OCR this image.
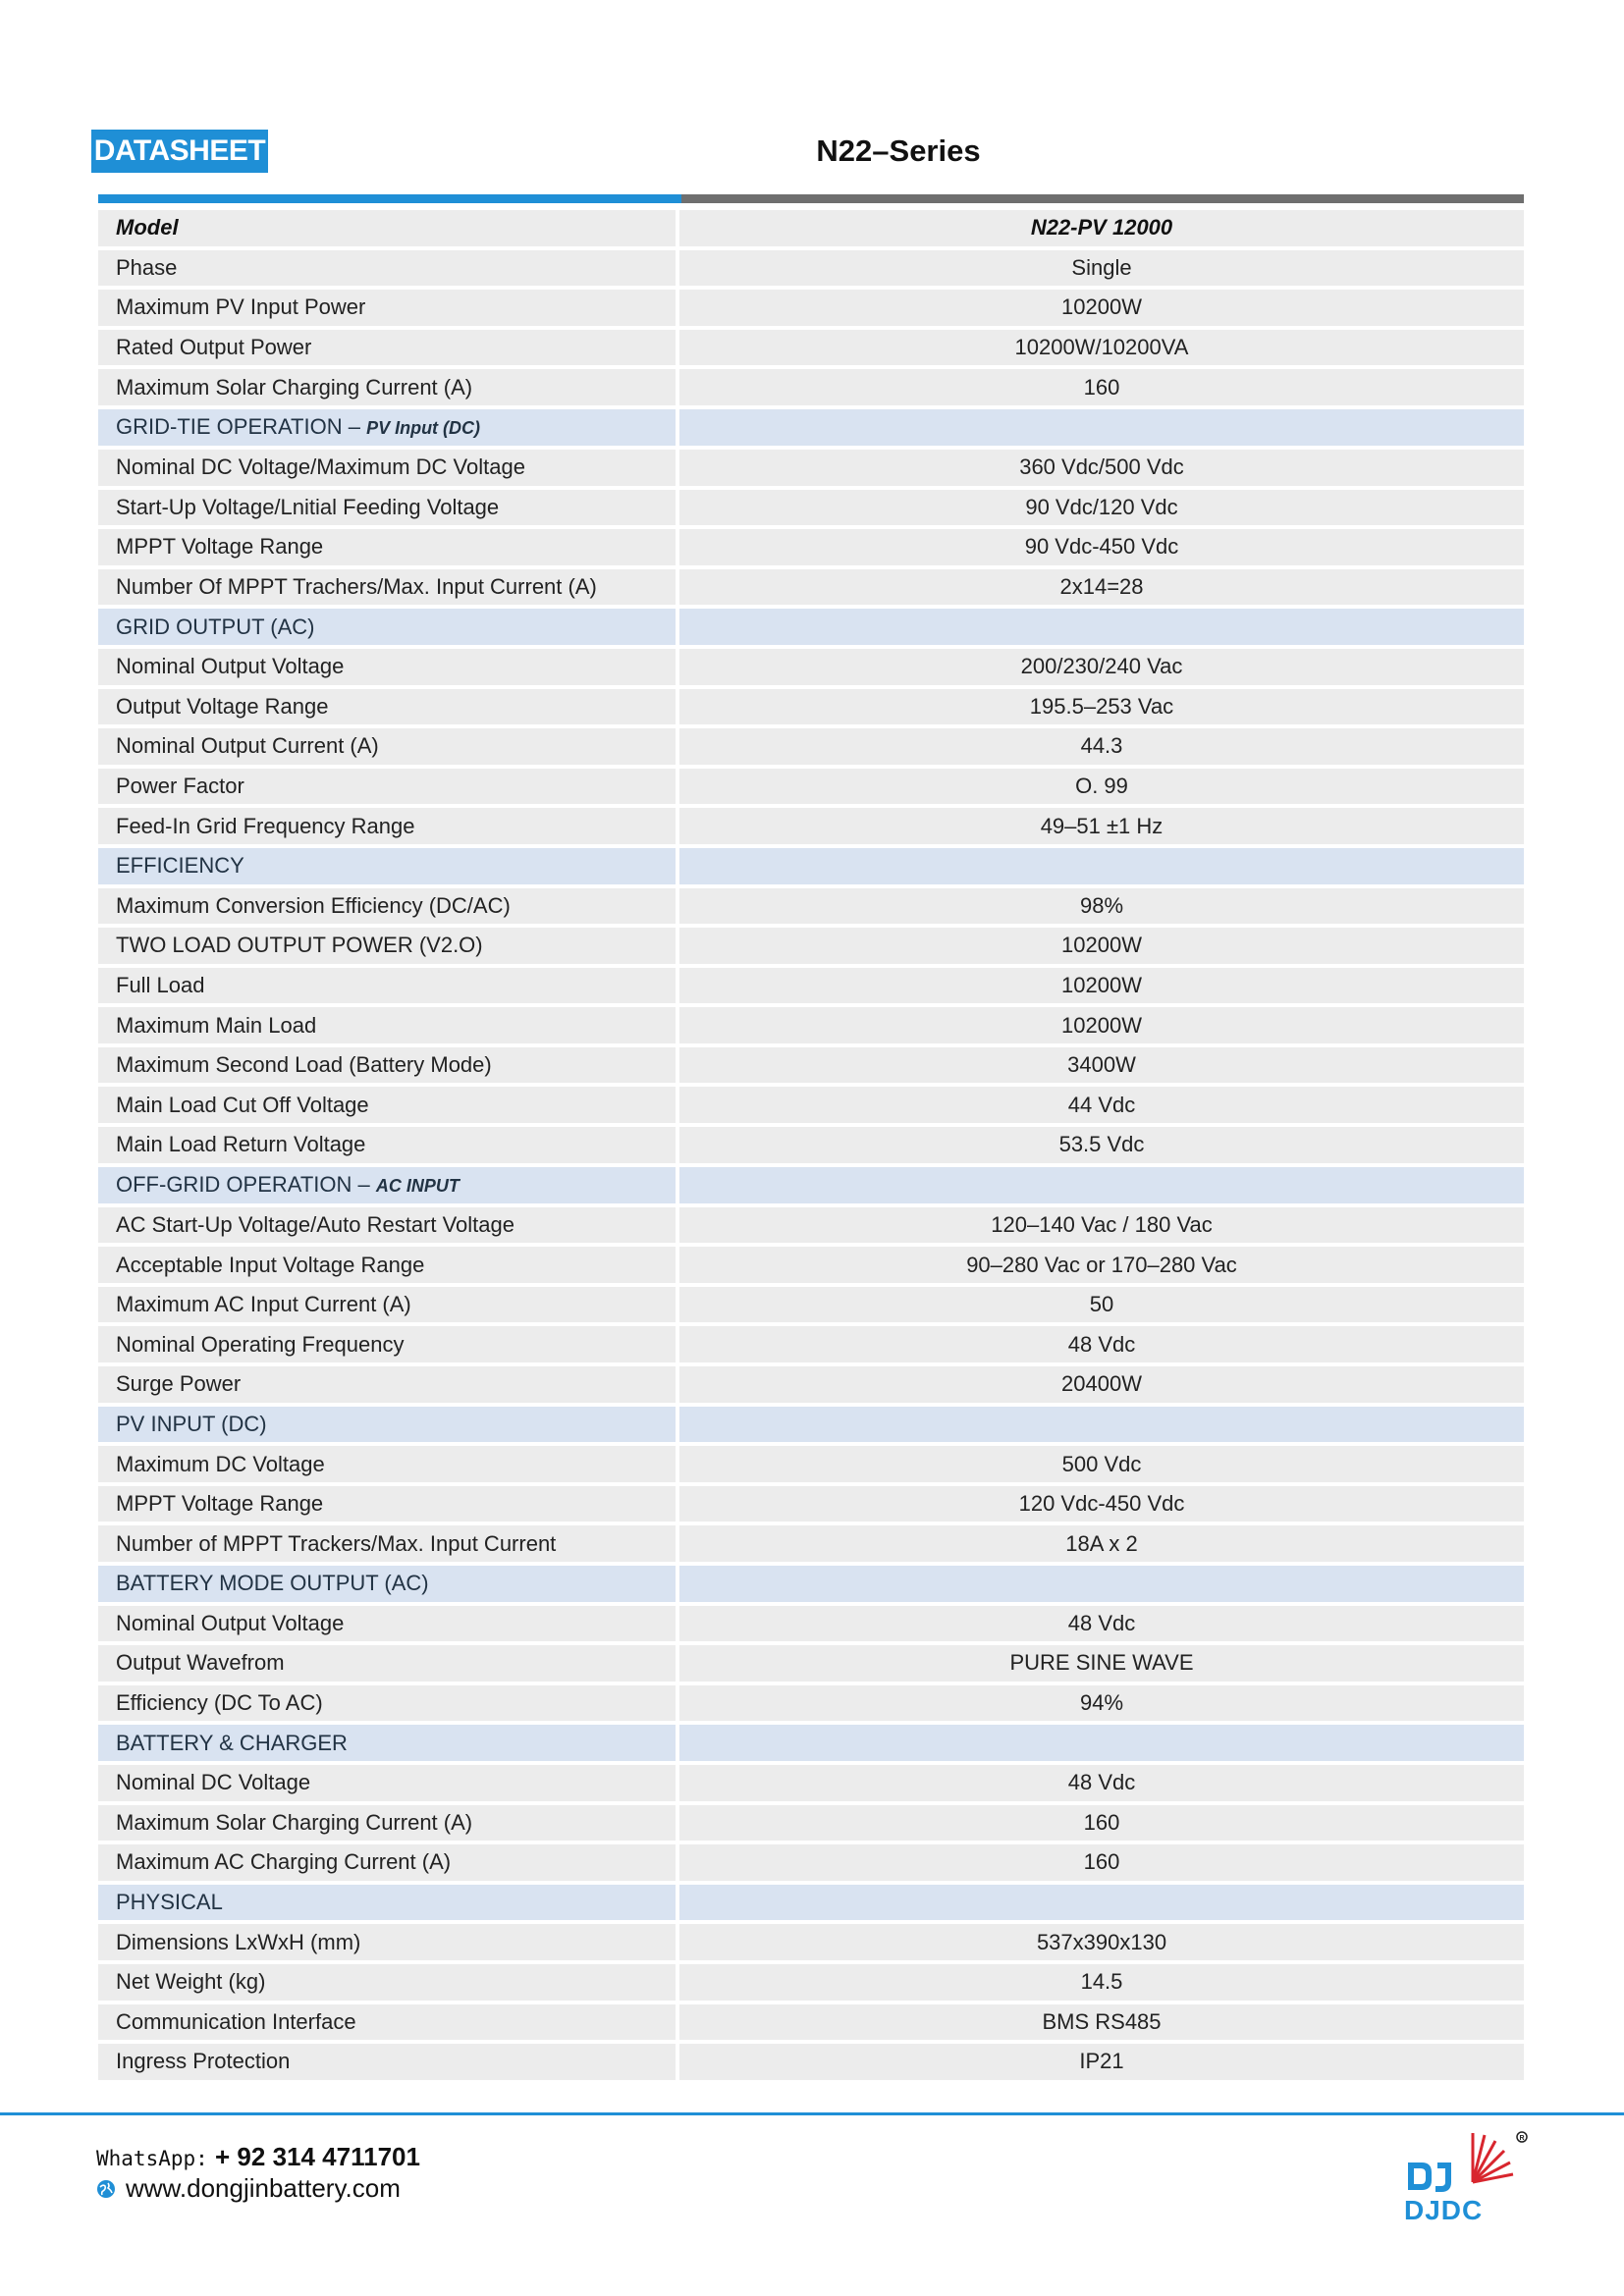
DATASHEET	N22–Series
Model	N22-PV 12000
Phase	Single
Maximum PV Input Power	10200W
Rated Output Power	10200W/10200VA
Maximum Solar Charging Current (A)	160
GRID-TIE OPERATION – PV Input (DC)	
Nominal DC Voltage/Maximum DC Voltage	360 Vdc/500 Vdc
Start-Up Voltage/Lnitial Feeding Voltage	90 Vdc/120 Vdc
MPPT Voltage Range	90 Vdc-450 Vdc
Number Of MPPT Trachers/Max. Input Current (A)	2x14=28
GRID OUTPUT (AC)	
Nominal Output Voltage	200/230/240 Vac
Output Voltage Range	195.5–253 Vac
Nominal Output Current (A)	44.3
Power Factor	O. 99
Feed-In Grid Frequency Range	49–51 ±1 Hz
EFFICIENCY	
Maximum Conversion Efficiency (DC/AC)	98%
TWO LOAD OUTPUT POWER (V2.O)	10200W
Full Load	10200W
Maximum Main Load	10200W
Maximum Second Load (Battery Mode)	3400W
Main Load Cut Off Voltage	44 Vdc
Main Load Return Voltage	53.5 Vdc
OFF-GRID OPERATION – AC INPUT	
AC Start-Up Voltage/Auto Restart Voltage	120–140 Vac / 180 Vac
Acceptable Input Voltage Range	90–280 Vac or 170–280 Vac
Maximum AC Input Current (A)	50
Nominal Operating Frequency	48 Vdc
Surge Power	20400W
PV INPUT (DC)	
Maximum DC Voltage	500 Vdc
MPPT Voltage Range	120 Vdc-450 Vdc
Number of MPPT Trackers/Max. Input Current	18A x 2
BATTERY MODE OUTPUT (AC)	
Nominal Output Voltage	48 Vdc
Output Wavefrom	PURE SINE WAVE
Efficiency (DC To AC)	94%
BATTERY & CHARGER	
Nominal DC Voltage	48 Vdc
Maximum Solar Charging Current (A)	160
Maximum AC Charging Current (A)	160
PHYSICAL	
Dimensions LxWxH (mm)	537x390x130
Net Weight (kg)	14.5
Communication Interface	BMS RS485
Ingress Protection	IP21
WhatsApp: + 92 314 4711701
www.dongjinbattery.com
R
DJDC
